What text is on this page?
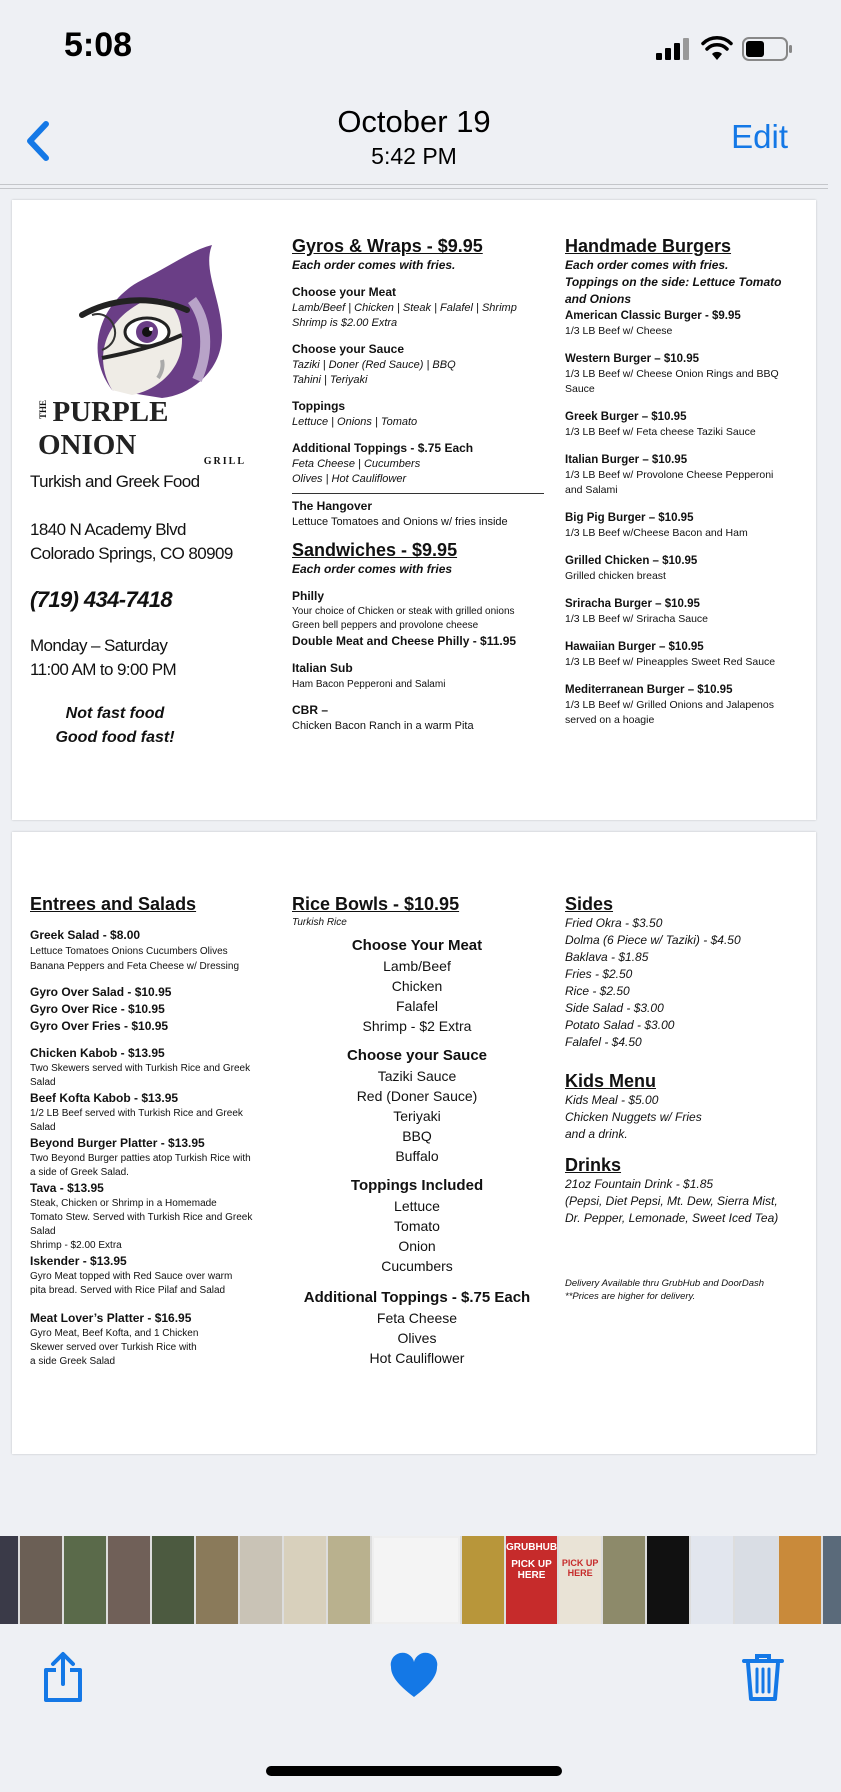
5:08
October 19
5:42 PM
Edit
THE PURPLE ONION
GRILL
Turkish and Greek Food
1840 N Academy Blvd
Colorado Springs, CO 80909
(719) 434-7418
Monday – Saturday
11:00 AM to 9:00 PM
Not fast food
Good food fast!
Gyros & Wraps - $9.95
Each order comes with fries.
Choose your Meat
Lamb/Beef | Chicken | Steak | Falafel | Shrimp
Shrimp is $2.00 Extra
Choose your Sauce
Taziki | Doner (Red Sauce) | BBQ
Tahini | Teriyaki
Toppings
Lettuce | Onions | Tomato
Additional Toppings - $.75 Each
Feta Cheese | Cucumbers
Olives | Hot Cauliflower
The Hangover
Lettuce Tomatoes and Onions w/ fries inside
Sandwiches - $9.95
Each order comes with fries
Philly
Your choice of Chicken or steak with grilled onions
Green bell peppers and provolone cheese
Double Meat and Cheese Philly - $11.95
Italian Sub
Ham Bacon Pepperoni and Salami
CBR –
Chicken Bacon Ranch in a warm Pita
Handmade Burgers
Each order comes with fries.
Toppings on the side: Lettuce Tomato
and Onions
American Classic Burger - $9.95
1/3 LB Beef w/ Cheese
Western Burger – $10.95
1/3 LB Beef w/ Cheese Onion Rings and BBQ
Sauce
Greek Burger – $10.95
1/3 LB Beef w/ Feta cheese Taziki Sauce
Italian Burger – $10.95
1/3 LB Beef w/ Provolone Cheese Pepperoni
and Salami
Big Pig Burger – $10.95
1/3 LB Beef w/Cheese Bacon and Ham
Grilled Chicken – $10.95
Grilled chicken breast
Sriracha Burger – $10.95
1/3 LB Beef w/ Sriracha Sauce
Hawaiian Burger – $10.95
1/3 LB Beef w/ Pineapples Sweet Red Sauce
Mediterranean Burger – $10.95
1/3 LB Beef w/ Grilled Onions and Jalapenos
served on a hoagie
Entrees and Salads
Greek Salad - $8.00
Lettuce Tomatoes Onions Cucumbers Olives
Banana Peppers and Feta Cheese w/ Dressing
Gyro Over Salad - $10.95
Gyro Over Rice - $10.95
Gyro Over Fries - $10.95
Chicken Kabob - $13.95
Two Skewers served with Turkish Rice and Greek
Salad
Beef Kofta Kabob - $13.95
1/2 LB Beef served with Turkish Rice and Greek
Salad
Beyond Burger Platter - $13.95
Two Beyond Burger patties atop Turkish Rice with
a side of Greek Salad.
Tava - $13.95
Steak, Chicken or Shrimp in a Homemade
Tomato Stew. Served with Turkish Rice and Greek
Salad
Shrimp - $2.00 Extra
Iskender - $13.95
Gyro Meat topped with Red Sauce over warm
pita bread. Served with Rice Pilaf and Salad
Meat Lover’s Platter - $16.95
Gyro Meat, Beef Kofta, and 1 Chicken
Skewer served over Turkish Rice with
a side Greek Salad
Rice Bowls - $10.95
Turkish Rice
Choose Your Meat
Lamb/Beef
Chicken
Falafel
Shrimp - $2 Extra
Choose your Sauce
Taziki Sauce
Red (Doner Sauce)
Teriyaki
BBQ
Buffalo
Toppings Included
Lettuce
Tomato
Onion
Cucumbers
Additional Toppings - $.75 Each
Feta Cheese
Olives
Hot Cauliflower
Sides
Fried Okra - $3.50
Dolma (6 Piece w/ Taziki) - $4.50
Baklava - $1.85
Fries - $2.50
Rice - $2.50
Side Salad - $3.00
Potato Salad - $3.00
Falafel - $4.50
Kids Menu
Kids Meal - $5.00
Chicken Nuggets w/ Fries
and a drink.
Drinks
21oz Fountain Drink - $1.85
(Pepsi, Diet Pepsi, Mt. Dew, Sierra Mist,
Dr. Pepper, Lemonade, Sweet Iced Tea)
Delivery Available thru GrubHub and DoorDash
**Prices are higher for delivery.
GRUBHUB
PICK UP HERE
PICK UP HERE
